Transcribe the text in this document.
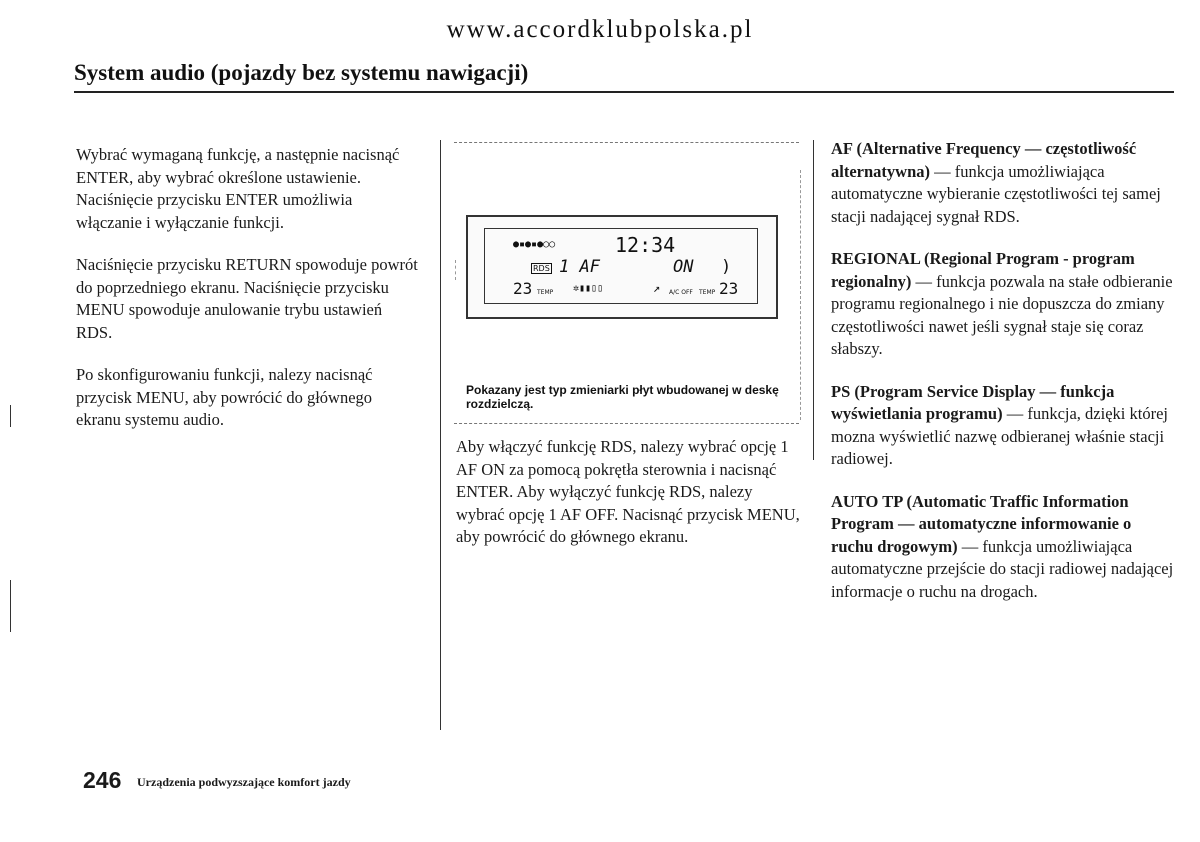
www.accordklubpolska.pl
System audio (pojazdy bez systemu nawigacji)

Wybrać wymaganą funkcję, a następnie nacisnąć ENTER, aby wybrać określone ustawienie. Naciśnięcie przycisku ENTER umożliwia włączanie i wyłączanie funkcji.

Naciśnięcie przycisku RETURN spowoduje powrót do poprzedniego ekranu. Naciśnięcie przycisku MENU spowoduje anulowanie trybu ustawień RDS.

Po skonfigurowaniu funkcji, nalezy nacisnąć przycisk MENU, aby powrócić do głównego ekranu systemu audio.

●▪●▪●○○	12:34
RDS 1 AF	ON )
23 TEMP ✲▮▮▯▯	↗ A/C OFF TEMP 23
Pokazany jest typ zmieniarki płyt wbudowanej w deskę rozdzielczą.

Aby włączyć funkcję RDS, nalezy wybrać opcję 1 AF ON za pomocą pokrętła sterownia i nacisnąć ENTER. Aby wyłączyć funkcję RDS, nalezy wybrać opcję 1 AF OFF. Nacisnąć przycisk MENU, aby powrócić do głównego ekranu.

AF (Alternative Frequency — częstotliwość alternatywna) — funkcja umożliwiająca automatyczne wybieranie częstotliwości tej samej stacji nadającej sygnał RDS.

REGIONAL (Regional Program - program regionalny) — funkcja pozwala na stałe odbieranie programu regionalnego i nie dopuszcza do zmiany częstotliwości nawet jeśli sygnał staje się coraz słabszy.

PS (Program Service Display — funkcja wyświetlania programu) — funkcja, dzięki której mozna wyświetlić nazwę odbieranej właśnie stacji radiowej.

AUTO TP (Automatic Traffic Information Program — automatyczne informowanie o ruchu drogowym) — funkcja umożliwiająca automatyczne przejście do stacji radiowej nadającej informacje o ruchu na drogach.

246 Urządzenia podwyzszające komfort jazdy
